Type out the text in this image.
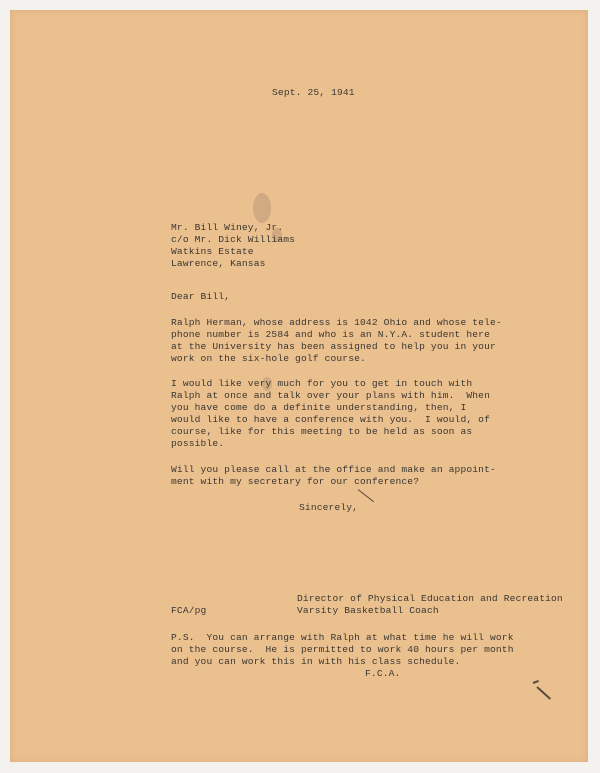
Sept. 25, 1941
Mr. Bill Winey, Jr.
c/o Mr. Dick Williams
Watkins Estate
Lawrence, Kansas
Dear Bill,
Ralph Herman, whose address is 1042 Ohio and whose tele-
phone number is 2584 and who is an N.Y.A. student here
at the University has been assigned to help you in your
work on the six-hole golf course.
I would like very much for you to get in touch with
Ralph at once and talk over your plans with him.  When
you have come do a definite understanding, then, I
would like to have a conference with you.  I would, of
course, like for this meeting to be held as soon as
possible.
Will you please call at the office and make an appoint-
ment with my secretary for our conference?
Sincerely,
Director of Physical Education and Recreation
Varsity Basketball Coach
FCA/pg
P.S.  You can arrange with Ralph at what time he will work
on the course.  He is permitted to work 40 hours per month
and you can work this in with his class schedule.
F.C.A.
